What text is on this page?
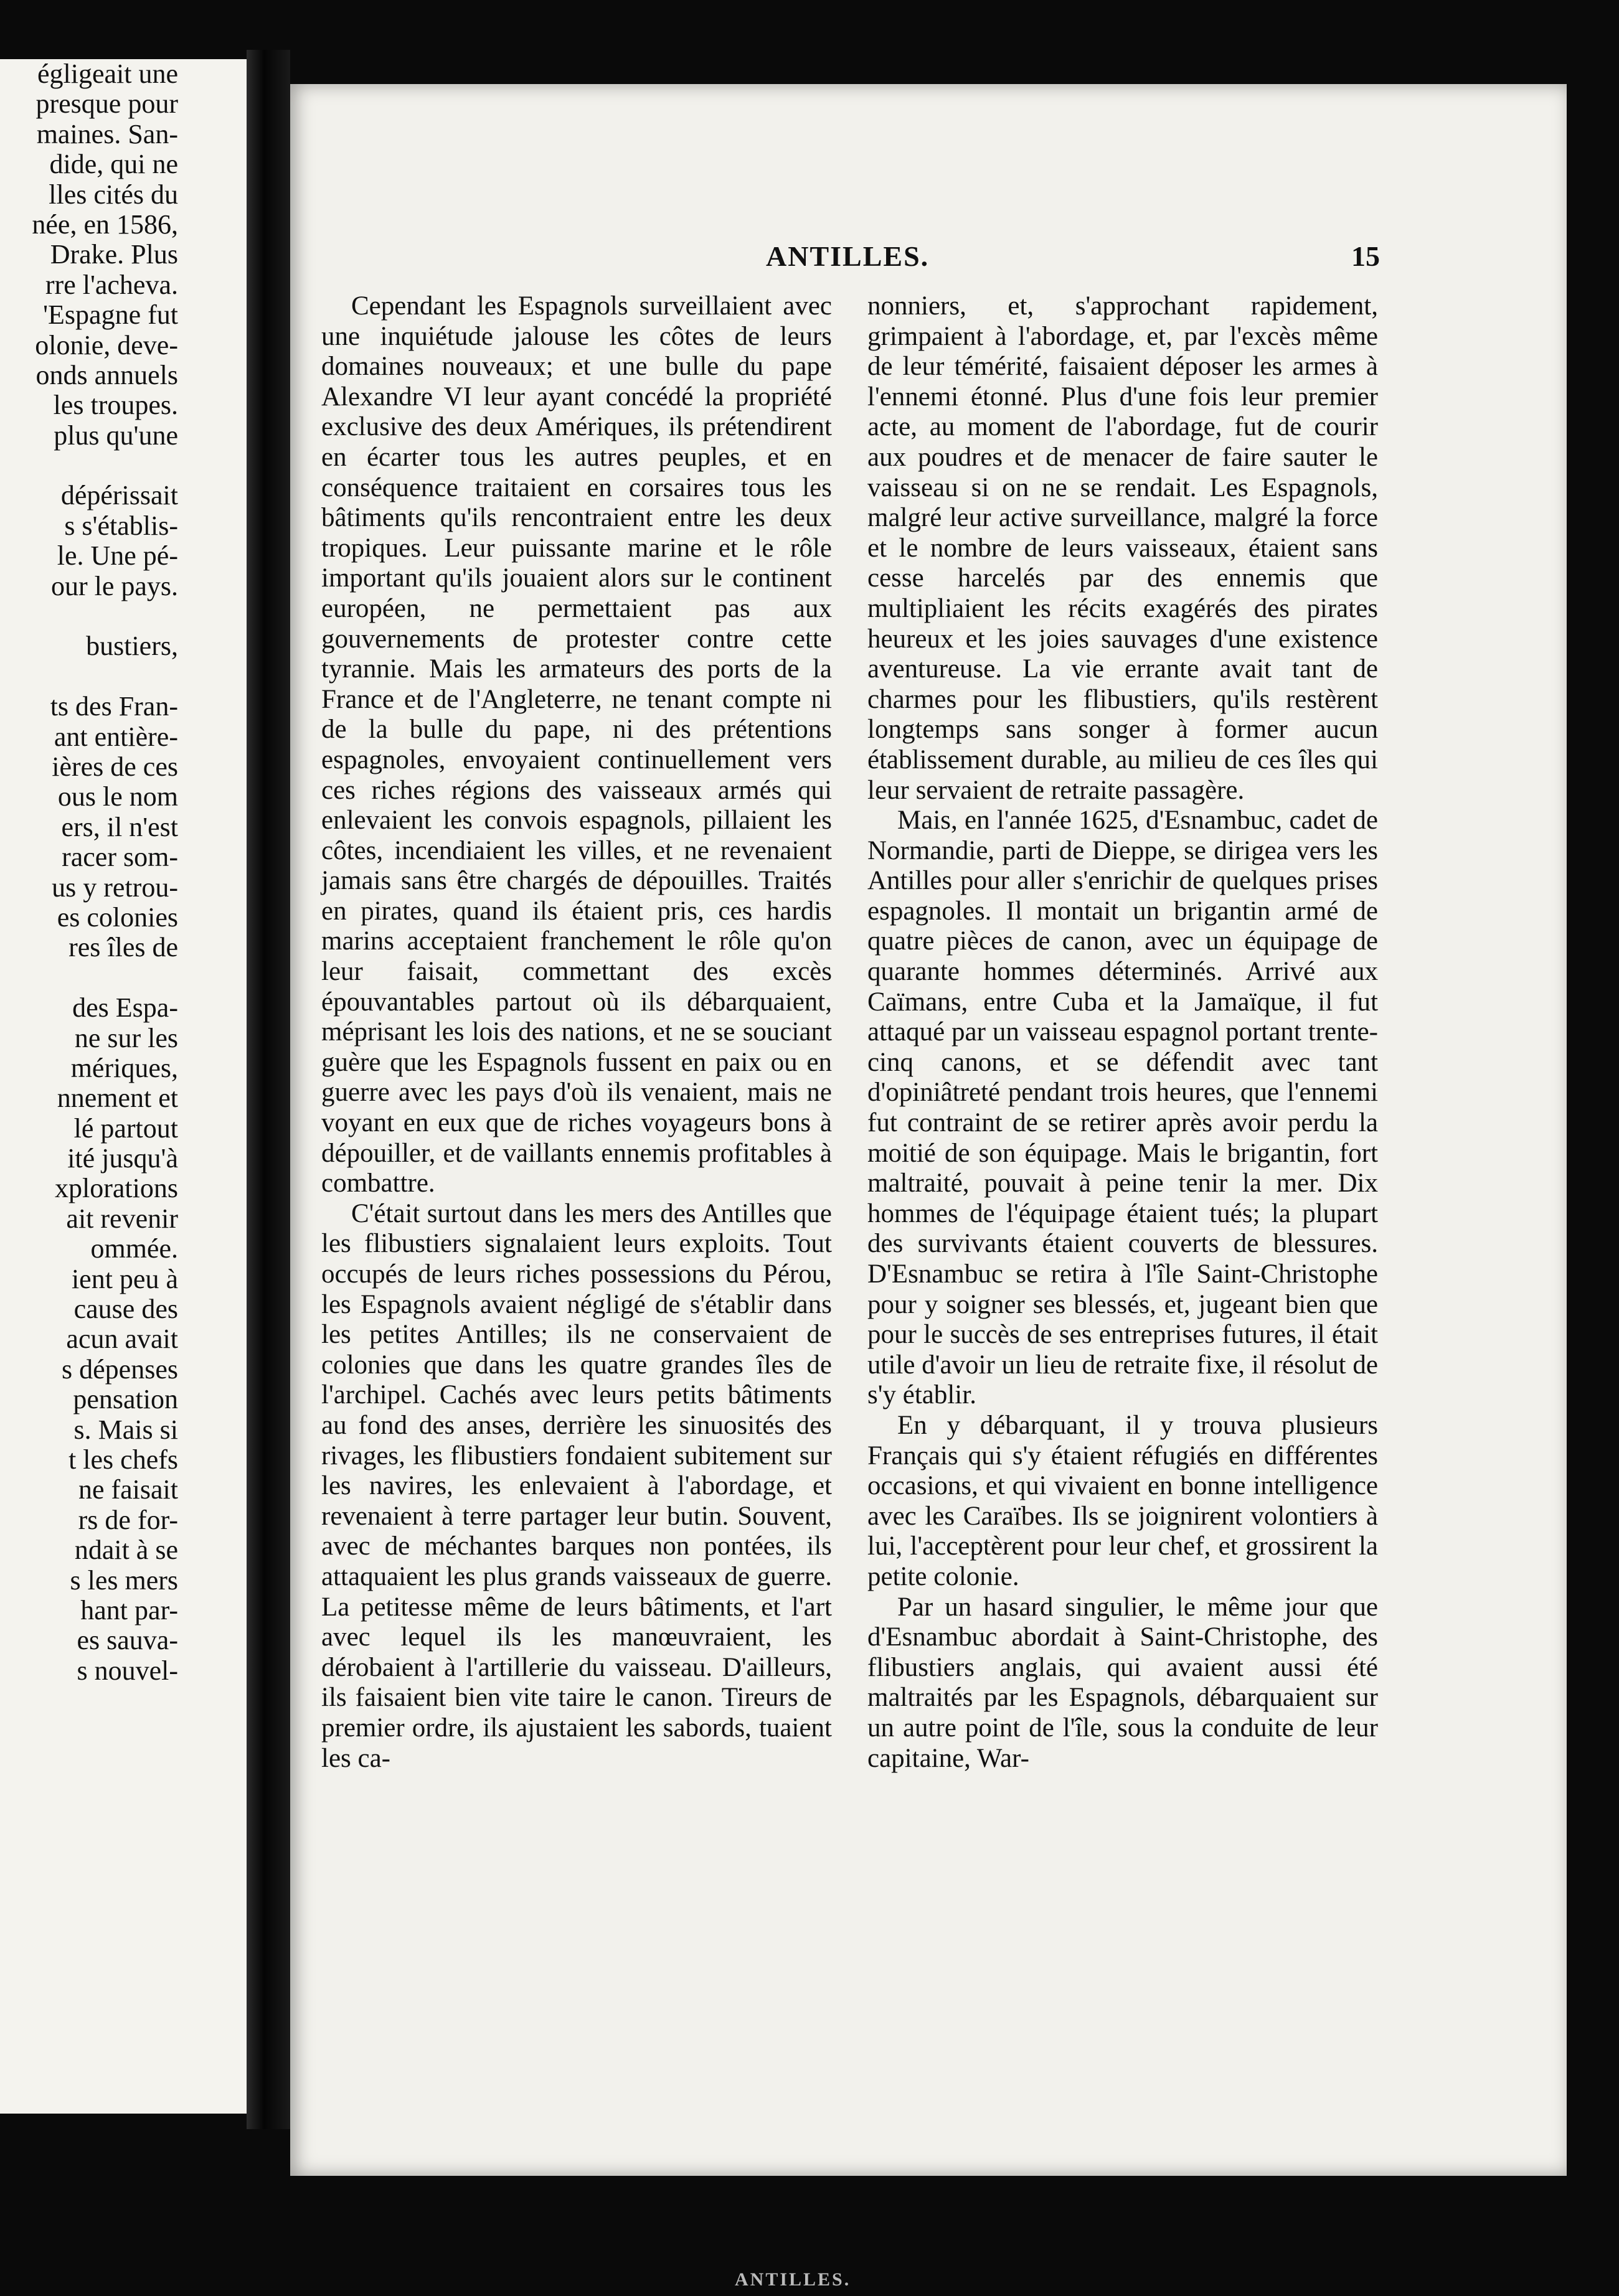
égligeait une
presque pour
maines. San-
dide, qui ne
lles cités du
née, en 1586,
Drake. Plus
rre l'acheva.
'Espagne fut
olonie, deve-
onds annuels
les troupes.
plus qu'une
dépérissait
s s'établis-
le. Une pé-
our le pays.
bustiers,
ts des Fran-
ant entière-
ières de ces
ous le nom
ers, il n'est
racer som-
us y retrou-
es colonies
res îles de
des Espa-
ne sur les
mériques,
nnement et
lé partout
ité jusqu'à
xplorations
ait revenir
ommée.
ient peu à
cause des
acun avait
s dépenses
pensation
s. Mais si
t les chefs
ne faisait
rs de for-
ndait à se
s les mers
hant par-
es sauva-
s nouvel-
ANTILLES.	15

Cependant les Espagnols surveillaient avec une inquiétude jalouse les côtes de leurs domaines nouveaux; et une bulle du pape Alexandre VI leur ayant concédé la propriété exclusive des deux Amériques, ils prétendirent en écarter tous les autres peuples, et en conséquence traitaient en corsaires tous les bâtiments qu'ils rencontraient entre les deux tropiques. Leur puissante marine et le rôle important qu'ils jouaient alors sur le continent européen, ne permettaient pas aux gouvernements de protester contre cette tyrannie. Mais les armateurs des ports de la France et de l'Angleterre, ne tenant compte ni de la bulle du pape, ni des prétentions espagnoles, envoyaient continuellement vers ces riches régions des vaisseaux armés qui enlevaient les convois espagnols, pillaient les côtes, incendiaient les villes, et ne revenaient jamais sans être chargés de dépouilles. Traités en pirates, quand ils étaient pris, ces hardis marins acceptaient franchement le rôle qu'on leur faisait, commettant des excès épouvantables partout où ils débarquaient, méprisant les lois des nations, et ne se souciant guère que les Espagnols fussent en paix ou en guerre avec les pays d'où ils venaient, mais ne voyant en eux que de riches voyageurs bons à dépouiller, et de vaillants ennemis profitables à combattre.

C'était surtout dans les mers des Antilles que les flibustiers signalaient leurs exploits. Tout occupés de leurs riches possessions du Pérou, les Espagnols avaient négligé de s'établir dans les petites Antilles; ils ne conservaient de colonies que dans les quatre grandes îles de l'archipel. Cachés avec leurs petits bâtiments au fond des anses, derrière les sinuosités des rivages, les flibustiers fondaient subitement sur les navires, les enlevaient à l'abordage, et revenaient à terre partager leur butin. Souvent, avec de méchantes barques non pontées, ils attaquaient les plus grands vaisseaux de guerre. La petitesse même de leurs bâtiments, et l'art avec lequel ils les manœuvraient, les dérobaient à l'artillerie du vaisseau. D'ailleurs, ils faisaient bien vite taire le canon. Tireurs de premier ordre, ils ajustaient les sabords, tuaient les ca-

nonniers, et, s'approchant rapidement, grimpaient à l'abordage, et, par l'excès même de leur témérité, faisaient déposer les armes à l'ennemi étonné. Plus d'une fois leur premier acte, au moment de l'abordage, fut de courir aux poudres et de menacer de faire sauter le vaisseau si on ne se rendait. Les Espagnols, malgré leur active surveillance, malgré la force et le nombre de leurs vaisseaux, étaient sans cesse harcelés par des ennemis que multipliaient les récits exagérés des pirates heureux et les joies sauvages d'une existence aventureuse. La vie errante avait tant de charmes pour les flibustiers, qu'ils restèrent longtemps sans songer à former aucun établissement durable, au milieu de ces îles qui leur servaient de retraite passagère.

Mais, en l'année 1625, d'Esnambuc, cadet de Normandie, parti de Dieppe, se dirigea vers les Antilles pour aller s'enrichir de quelques prises espagnoles. Il montait un brigantin armé de quatre pièces de canon, avec un équipage de quarante hommes déterminés. Arrivé aux Caïmans, entre Cuba et la Jamaïque, il fut attaqué par un vaisseau espagnol portant trente-cinq canons, et se défendit avec tant d'opiniâtreté pendant trois heures, que l'ennemi fut contraint de se retirer après avoir perdu la moitié de son équipage. Mais le brigantin, fort maltraité, pouvait à peine tenir la mer. Dix hommes de l'équipage étaient tués; la plupart des survivants étaient couverts de blessures. D'Esnambuc se retira à l'île Saint-Christophe pour y soigner ses blessés, et, jugeant bien que pour le succès de ses entreprises futures, il était utile d'avoir un lieu de retraite fixe, il résolut de s'y établir.

En y débarquant, il y trouva plusieurs Français qui s'y étaient réfugiés en différentes occasions, et qui vivaient en bonne intelligence avec les Caraïbes. Ils se joignirent volontiers à lui, l'acceptèrent pour leur chef, et grossirent la petite colonie.

Par un hasard singulier, le même jour que d'Esnambuc abordait à Saint-Christophe, des flibustiers anglais, qui avaient aussi été maltraités par les Espagnols, débarquaient sur un autre point de l'île, sous la conduite de leur capitaine, War-

ANTILLES.
